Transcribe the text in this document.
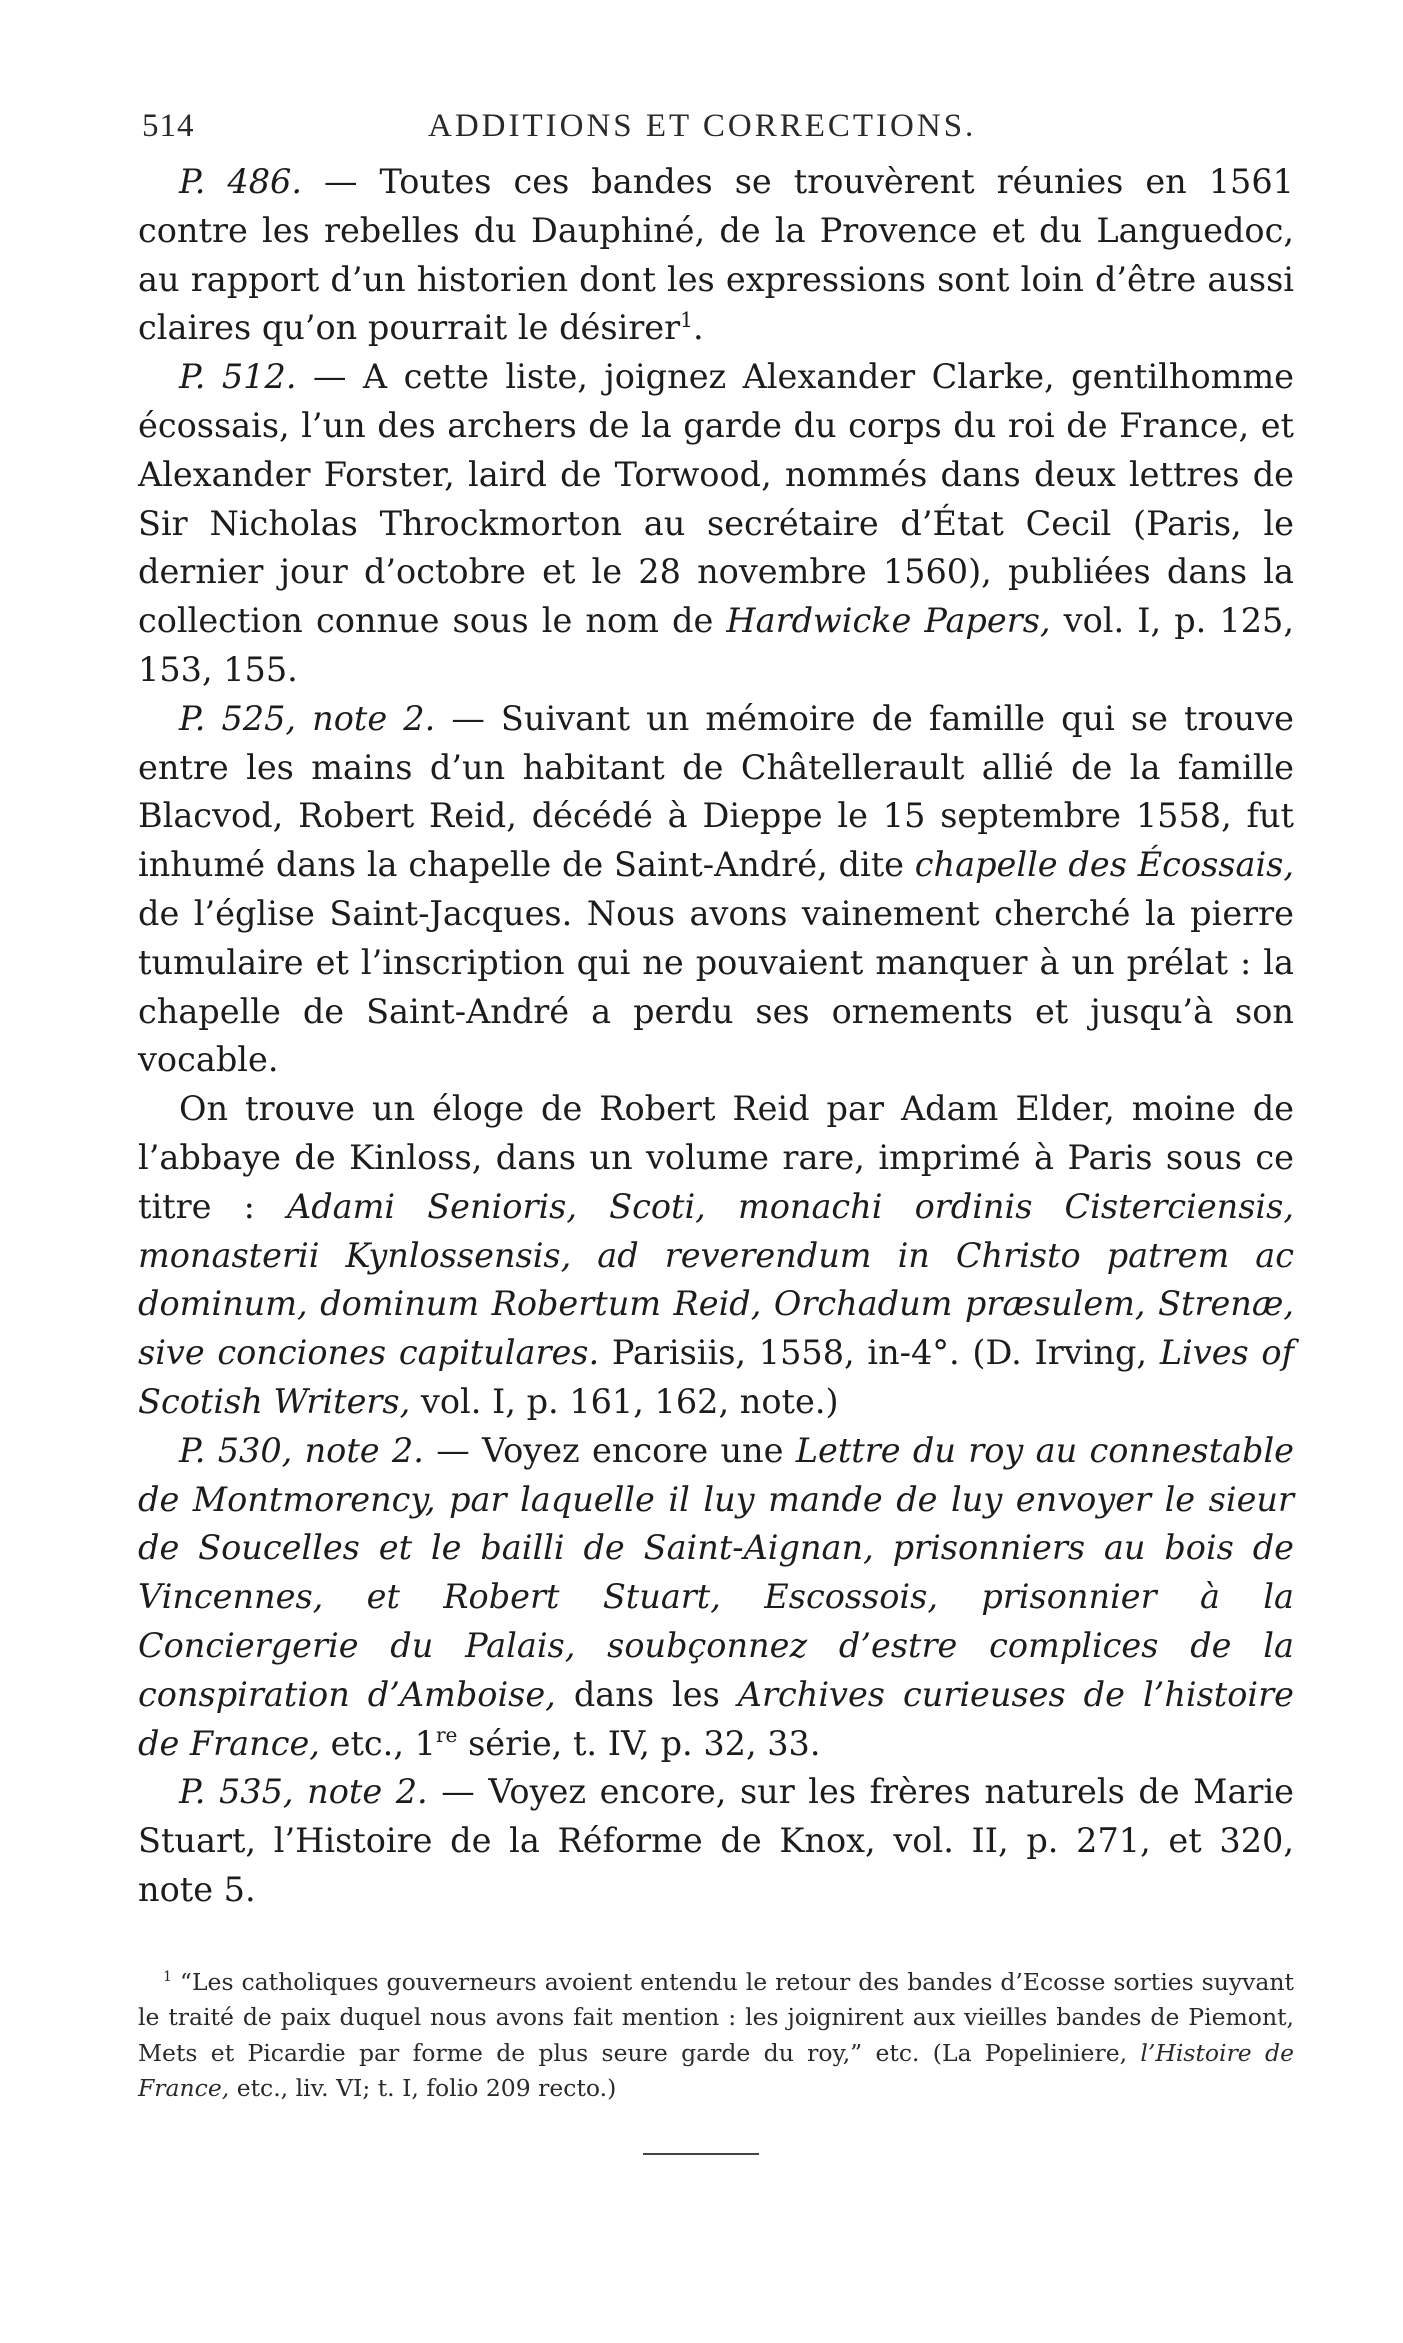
514	ADDITIONS ET CORRECTIONS.

P. 486. — Toutes ces bandes se trouvèrent réunies en 1561 contre les rebelles du Dauphiné, de la Provence et du Languedoc, au rapport d’un historien dont les expressions sont loin d’être aussi claires qu’on pourrait le désirer$^1$.

P. 512. — A cette liste, joignez Alexander Clarke, gentilhomme écossais, l’un des archers de la garde du corps du roi de France, et Alexander Forster, laird de Torwood, nommés dans deux lettres de Sir Nicholas Throckmorton au secrétaire d’État Cecil (Paris, le dernier jour d’octobre et le 28 novembre 1560), publiées dans la collection connue sous le nom de Hardwicke Papers, vol. I, p. 125, 153, 155.

P. 525, note 2. — Suivant un mémoire de famille qui se trouve entre les mains d’un habitant de Châtellerault allié de la famille Blacvod, Robert Reid, décédé à Dieppe le 15 septembre 1558, fut inhumé dans la chapelle de Saint-André, dite chapelle des Écossais, de l’église Saint-Jacques. Nous avons vainement cherché la pierre tumulaire et l’inscription qui ne pouvaient manquer à un prélat : la chapelle de Saint-André a perdu ses ornements et jusqu’à son vocable.

On trouve un éloge de Robert Reid par Adam Elder, moine de l’abbaye de Kinloss, dans un volume rare, imprimé à Paris sous ce titre : Adami Senioris, Scoti, monachi ordinis Cisterciensis, monasterii Kynlossensis, ad reverendum in Christo patrem ac dominum, dominum Robertum Reid, Orchadum præsulem, Strenæ, sive conciones capitulares. Parisiis, 1558, in-4°. (D. Irving, Lives of Scotish Writers, vol. I, p. 161, 162, note.)

P. 530, note 2. — Voyez encore une Lettre du roy au connestable de Montmorency, par laquelle il luy mande de luy envoyer le sieur de Soucelles et le bailli de Saint-Aignan, prisonniers au bois de Vincennes, et Robert Stuart, Escossois, prisonnier à la Conciergerie du Palais, soubçonnez d’estre complices de la conspiration d’Amboise, dans les Archives curieuses de l’histoire de France, etc., 1re série, t. IV, p. 32, 33.

P. 535, note 2. — Voyez encore, sur les frères naturels de Marie Stuart, l’Histoire de la Réforme de Knox, vol. II, p. 271, et 320, note 5.

$^1$ “Les catholiques gouverneurs avoient entendu le retour des bandes d’Ecosse sorties suyvant le traité de paix duquel nous avons fait mention : les joignirent aux vieilles bandes de Piemont, Mets et Picardie par forme de plus seure garde du roy,” etc. (La Popeliniere, l’Histoire de France, etc., liv. VI; t. I, folio 209 recto.)
